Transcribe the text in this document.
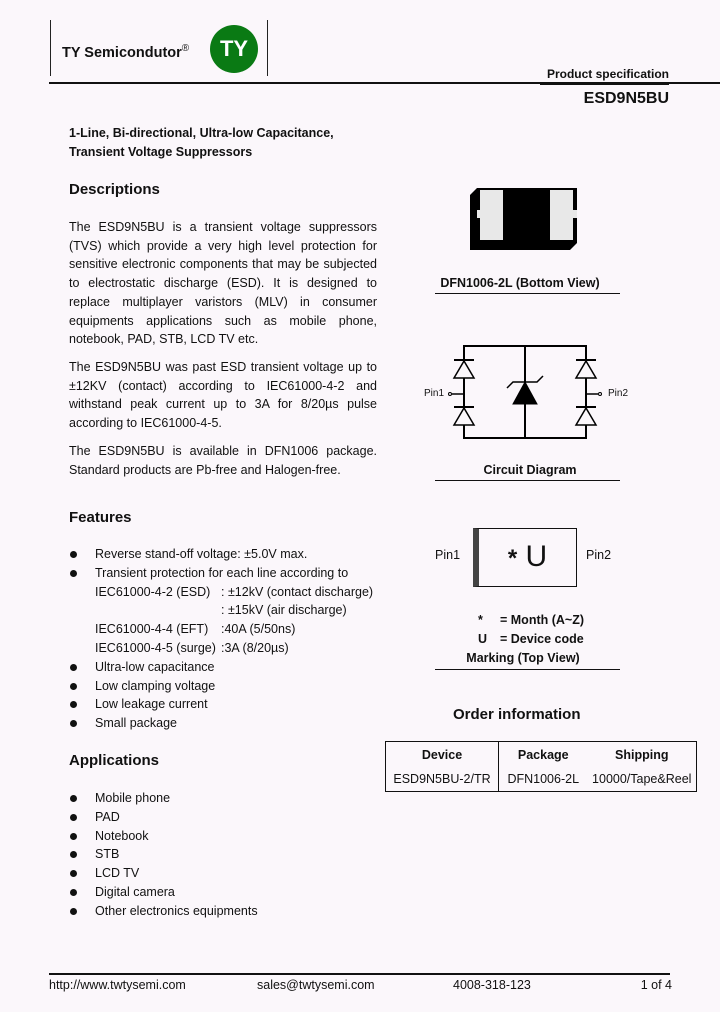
TY Semicondutor®	TY
Product specification
ESD9N5BU
1-Line, Bi-directional, Ultra-low Capacitance,
Transient Voltage Suppressors
Descriptions

The ESD9N5BU is a transient voltage suppressors (TVS) which provide a very high level protection for sensitive electronic components that may be subjected to electrostatic discharge (ESD). It is designed to replace multiplayer varistors (MLV) in consumer equipments applications such as mobile phone, notebook, PAD, STB, LCD TV etc.

The ESD9N5BU was past ESD transient voltage up to ±12KV (contact) according to IEC61000-4-2 and withstand peak current up to 3A for 8/20µs pulse according to IEC61000-4-5.

The ESD9N5BU is available in DFN1006 package. Standard products are Pb-free and Halogen-free.

Features
Reverse stand-off voltage: ±5.0V max.
Transient protection for each line according to
IEC61000-4-2 (ESD) : ±12kV (contact discharge)
: ±15kV (air discharge)
IEC61000-4-4 (EFT) :40A (5/50ns)
IEC61000-4-5 (surge) :3A (8/20µs)
Ultra-low capacitance
Low clamping voltage
Low leakage current
Small package
Applications
Mobile phone
PAD
Notebook
STB
LCD TV
Digital camera
Other electronics equipments
DFN1006-2L (Bottom View)
Pin1	Pin2
Circuit Diagram
Pin1	Pin2
* U
* = Month (A~Z)
U = Device code
Marking (Top View)
Order information
Device	Package	Shipping
ESD9N5BU-2/TR	DFN1006-2L	10000/Tape&Reel
http://www.twtysemi.com	sales@twtysemi.com	4008-318-123	1 of 4
